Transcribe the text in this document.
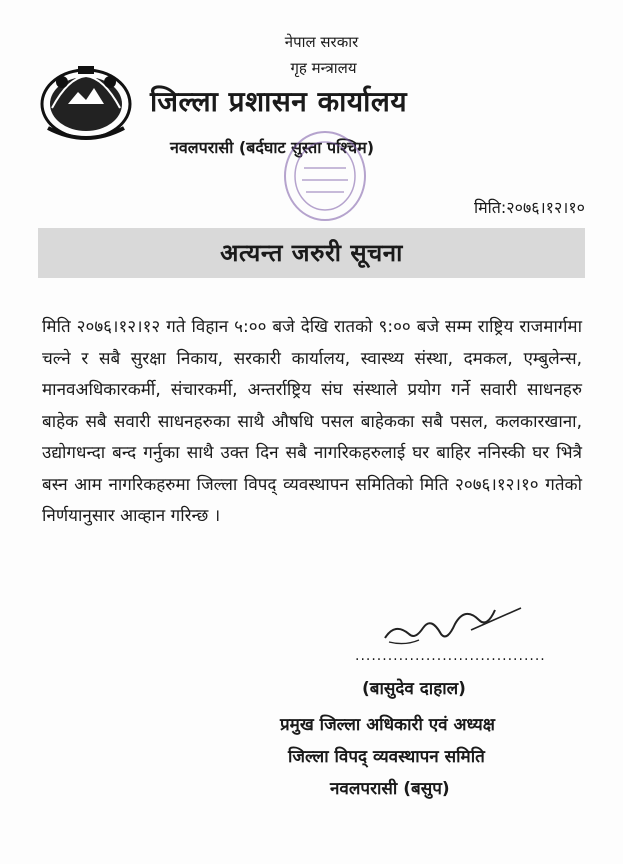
नेपाल सरकार
गृह मन्त्रालय
जिल्ला प्रशासन कार्यालय
नवलपरासी (बर्दघाट सुस्ता पश्चिम)
मिति:२०७६।१२।१०
अत्यन्त जरुरी सूचना
मिति २०७६।१२।१२ गते विहान ५:०० बजे देखि रातको ९:०० बजे सम्म राष्ट्रिय राजमार्गमा चल्ने र सबै सुरक्षा निकाय, सरकारी कार्यालय, स्वास्थ्य संस्था, दमकल, एम्बुलेन्स, मानवअधिकारकर्मी, संचारकर्मी, अन्तर्राष्ट्रिय संघ संस्थाले प्रयोग गर्ने सवारी साधनहरु बाहेक सबै सवारी साधनहरुका साथै औषधि पसल बाहेकका सबै पसल, कलकारखाना, उद्योगधन्दा बन्द गर्नुका साथै उक्त दिन सबै नागरिकहरुलाई घर बाहिर ननिस्की घर भित्रै बस्न आम नागरिकहरुमा जिल्ला विपद् व्यवस्थापन समितिको मिति २०७६।१२।१० गतेको निर्णयानुसार आव्हान गरिन्छ ।
...................................
(बासुदेव दाहाल)
प्रमुख जिल्ला अधिकारी एवं अध्यक्ष
जिल्ला विपद् व्यवस्थापन समिति
नवलपरासी (बसुप)
